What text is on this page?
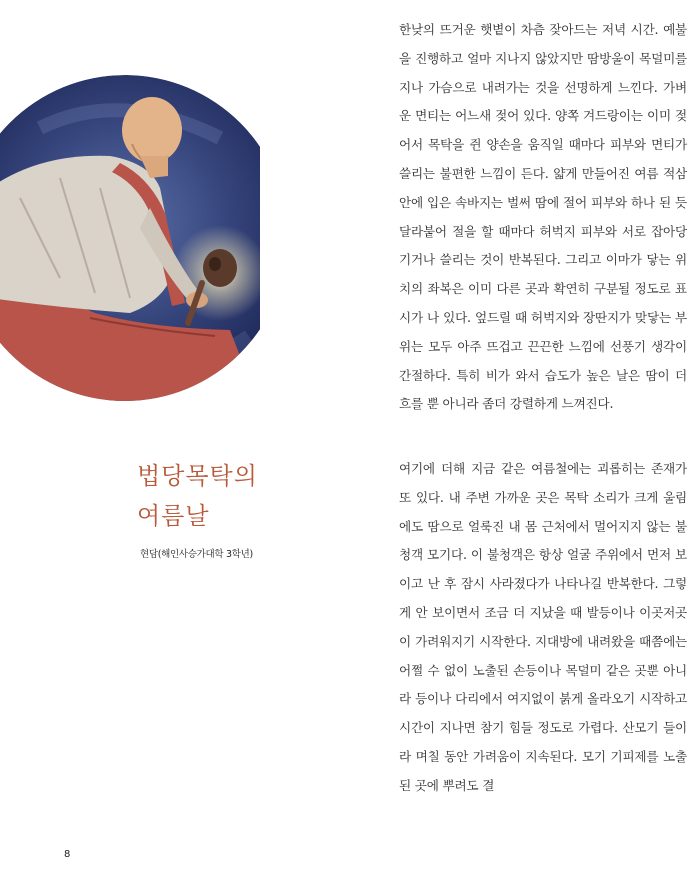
법당목탁의
여름날
현담(해인사승가대학 3학년)

한낮의 뜨거운 햇볕이 차츰 잦아드는 저녁 시간. 예불을 진행하고 얼마 지나지 않았지만 땀방울이 목덜미를 지나 가슴으로 내려가는 것을 선명하게 느낀다. 가벼운 면티는 어느새 젖어 있다. 양쪽 겨드랑이는 이미 젖어서 목탁을 쥔 양손을 움직일 때마다 피부와 면티가 쓸리는 불편한 느낌이 든다. 얇게 만들어진 여름 적삼 안에 입은 속바지는 벌써 땀에 절어 피부와 하나 된 듯 달라붙어 절을 할 때마다 허벅지 피부와 서로 잡아당기거나 쓸리는 것이 반복된다. 그리고 이마가 닿는 위치의 좌복은 이미 다른 곳과 확연히 구분될 정도로 표시가 나 있다. 엎드릴 때 허벅지와 장딴지가 맞닿는 부위는 모두 아주 뜨겁고 끈끈한 느낌에 선풍기 생각이 간절하다. 특히 비가 와서 습도가 높은 날은 땀이 더 흐를 뿐 아니라 좀더 강렬하게 느껴진다.

여기에 더해 지금 같은 여름철에는 괴롭히는 존재가 또 있다. 내 주변 가까운 곳은 목탁 소리가 크게 울림에도 땀으로 얼룩진 내 몸 근처에서 멀어지지 않는 불청객 모기다. 이 불청객은 항상 얼굴 주위에서 먼저 보이고 난 후 잠시 사라졌다가 나타나길 반복한다. 그렇게 안 보이면서 조금 더 지났을 때 발등이나 이곳저곳이 가려워지기 시작한다. 지대방에 내려왔을 때쯤에는 어쩔 수 없이 노출된 손등이나 목덜미 같은 곳뿐 아니라 등이나 다리에서 여지없이 붉게 올라오기 시작하고 시간이 지나면 참기 힘들 정도로 가렵다. 산모기 들이라 며칠 동안 가려움이 지속된다. 모기 기피제를 노출된 곳에 뿌려도 결

8
